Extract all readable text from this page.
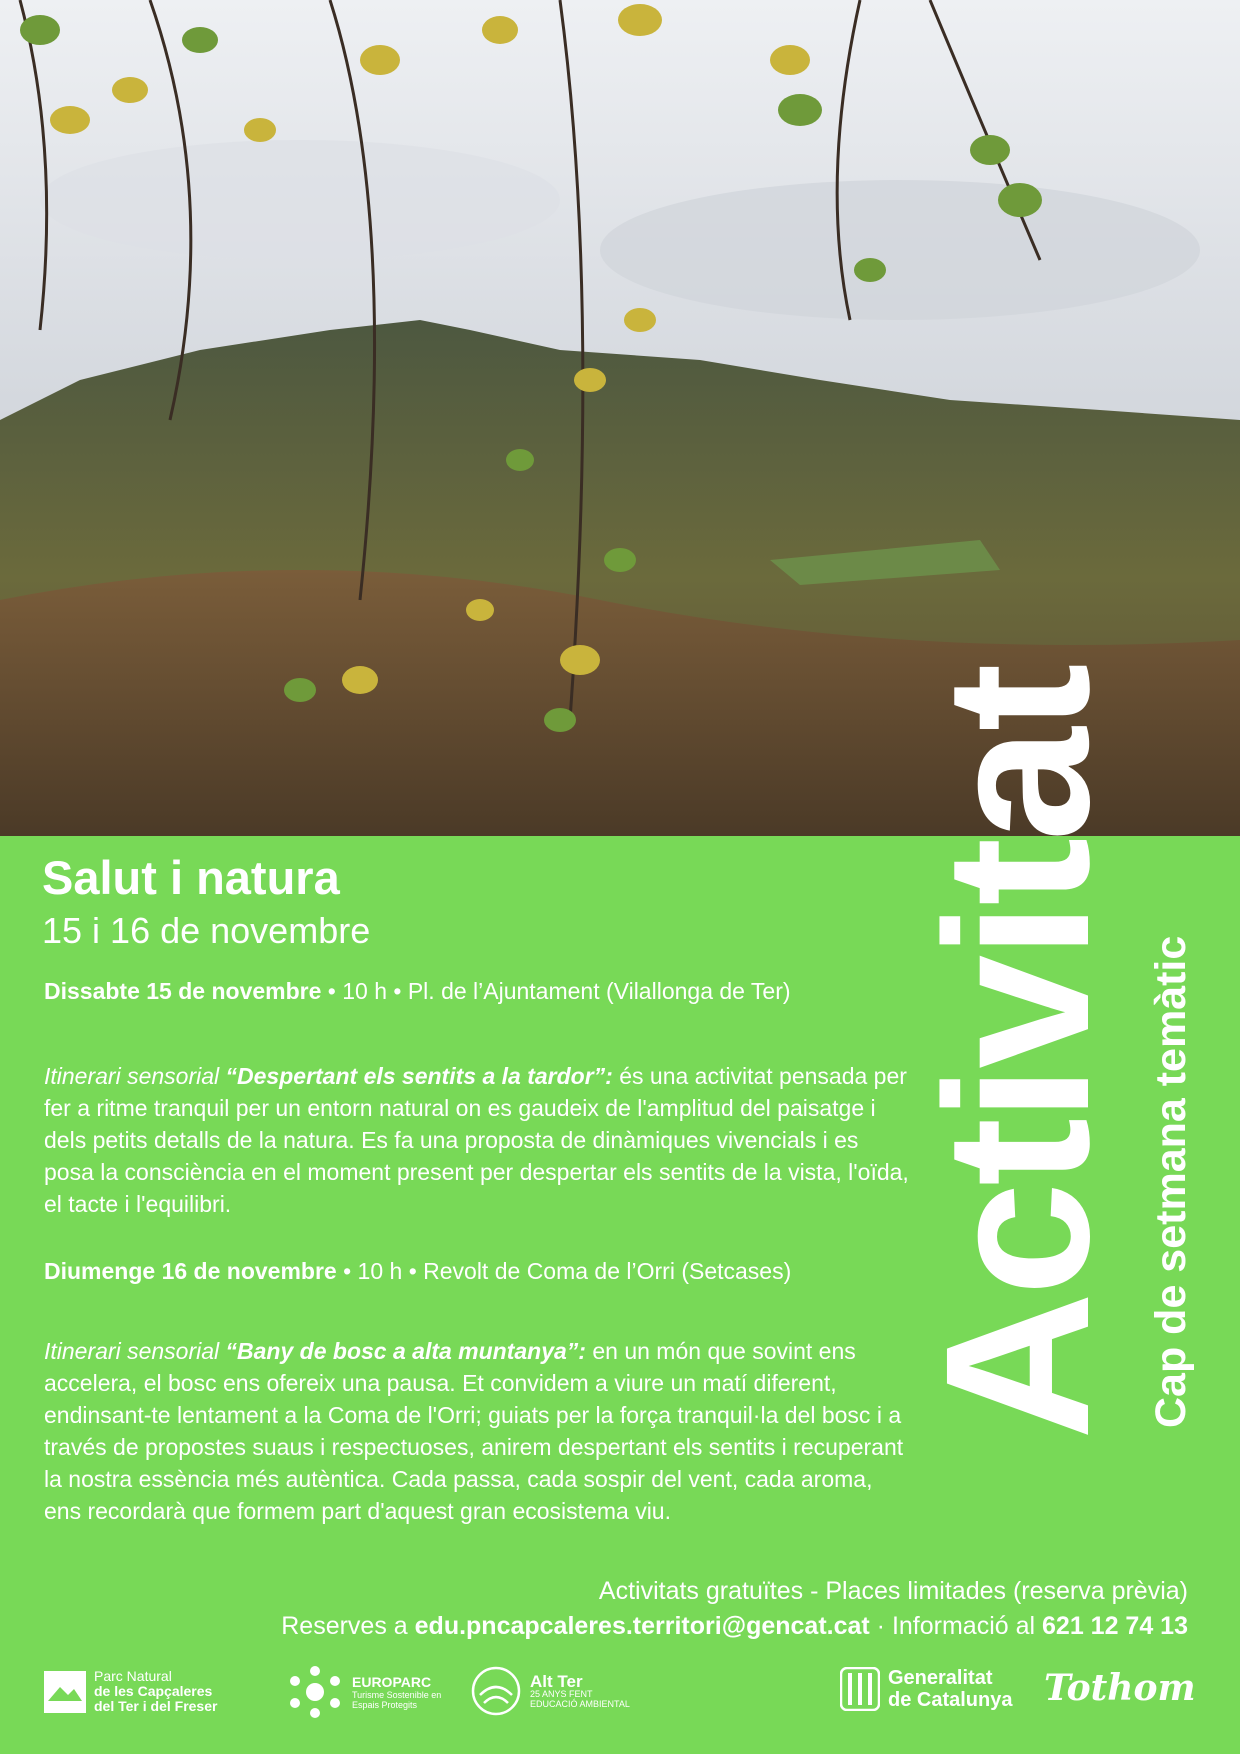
Activitat Cap de setmana temàtic
Salut i natura

15 i 16 de novembre

Dissabte 15 de novembre • 10 h • Pl. de l’Ajuntament (Vilallonga de Ter)

Itinerari sensorial “Despertant els sentits a la tardor”: és una activitat pensada per fer a ritme tranquil per un entorn natural on es gaudeix de l'amplitud del paisatge i dels petits detalls de la natura. Es fa una proposta de dinàmiques vivencials i es posa la consciència en el moment present per despertar els sentits de la vista, l'oïda, el tacte i l'equilibri.

Diumenge 16 de novembre • 10 h • Revolt de Coma de l’Orri (Setcases)

Itinerari sensorial “Bany de bosc a alta muntanya”: en un món que sovint ens accelera, el bosc ens ofereix una pausa. Et convidem a viure un matí diferent, endinsant-te lentament a la Coma de l'Orri; guiats per la força tranquil·la del bosc i a través de propostes suaus i respectuoses, anirem despertant els sentits i recuperant la nostra essència més autèntica. Cada passa, cada sospir del vent, cada aroma, ens recordarà que formem part d'aquest gran ecosistema viu.

Activitats gratuïtes - Places limitades (reserva prèvia)
Reserves a edu.pncapcaleres.territori@gencat.cat · Informació al 621 12 74 13
Parc Natural
de les Capçaleres
del Ter i del Freser
EUROPARC
Turisme Sostenible en
Espais Protegits
Alt Ter
25 ANYS FENT
EDUCACIÓ AMBIENTAL
Generalitat
de Catalunya Tothom
